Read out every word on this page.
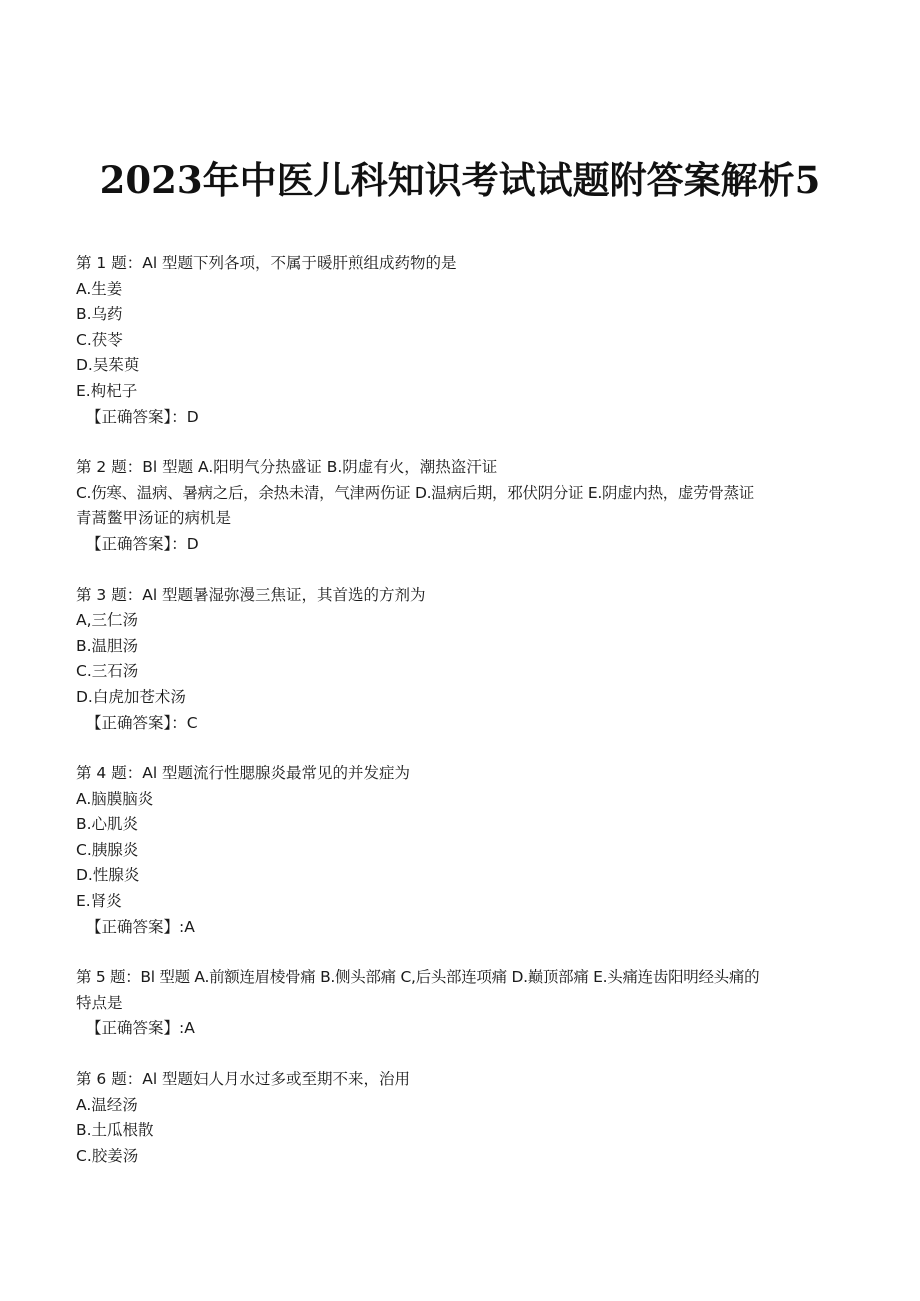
2023年中医儿科知识考试试题附答案解析5

第 1 题：Al 型题下列各项，不属于暖肝煎组成药物的是

A.生姜

B.乌药

C.茯苓

D.吴茱萸

E.枸杞子

【正确答案】：D

第 2 题：Bl 型题 A.阳明气分热盛证 B.阴虚有火，潮热盗汗证

C.伤寒、温病、暑病之后，余热未清，气津两伤证 D.温病后期，邪伏阴分证 E.阴虚内热，虚劳骨蒸证

青蒿鳖甲汤证的病机是

【正确答案】：D

第 3 题：Al 型题暑湿弥漫三焦证，其首选的方剂为

A,三仁汤

B.温胆汤

C.三石汤

D.白虎加苍术汤

【正确答案】：C

第 4 题：Al 型题流行性腮腺炎最常见的并发症为

A.脑膜脑炎

B.心肌炎

C.胰腺炎

D.性腺炎

E.肾炎

【正确答案】:A

第 5 题：Bl 型题 A.前额连眉棱骨痛 B.侧头部痛 C,后头部连项痛 D.巅顶部痛 E.头痛连齿阳明经头痛的

特点是

【正确答案】:A

第 6 题：Al 型题妇人月水过多或至期不来，治用

A.温经汤

B.土瓜根散

C.胶姜汤
